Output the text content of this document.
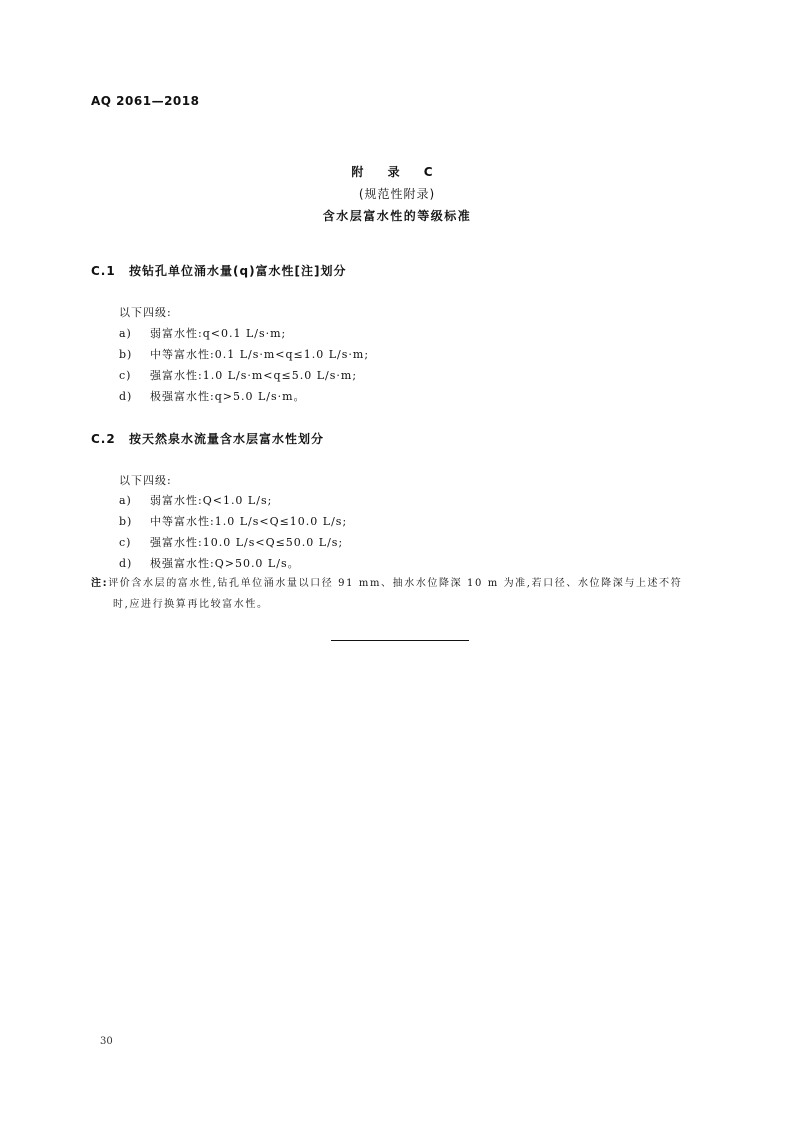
AQ 2061—2018
附 录 C
(规范性附录)
含水层富水性的等级标准
C.1 按钻孔单位涌水量(q)富水性[注]划分
以下四级:
a) 弱富水性:q<0.1 L/s·m;
b) 中等富水性:0.1 L/s·m<q≤1.0 L/s·m;
c) 强富水性:1.0 L/s·m<q≤5.0 L/s·m;
d) 极强富水性:q>5.0 L/s·m。
C.2 按天然泉水流量含水层富水性划分
以下四级:
a) 弱富水性:Q<1.0 L/s;
b) 中等富水性:1.0 L/s<Q≤10.0 L/s;
c) 强富水性:10.0 L/s<Q≤50.0 L/s;
d) 极强富水性:Q>50.0 L/s。
注:评价含水层的富水性,钻孔单位涌水量以口径 91 mm、抽水水位降深 10 m 为准,若口径、水位降深与上述不符
时,应进行换算再比较富水性。
30
